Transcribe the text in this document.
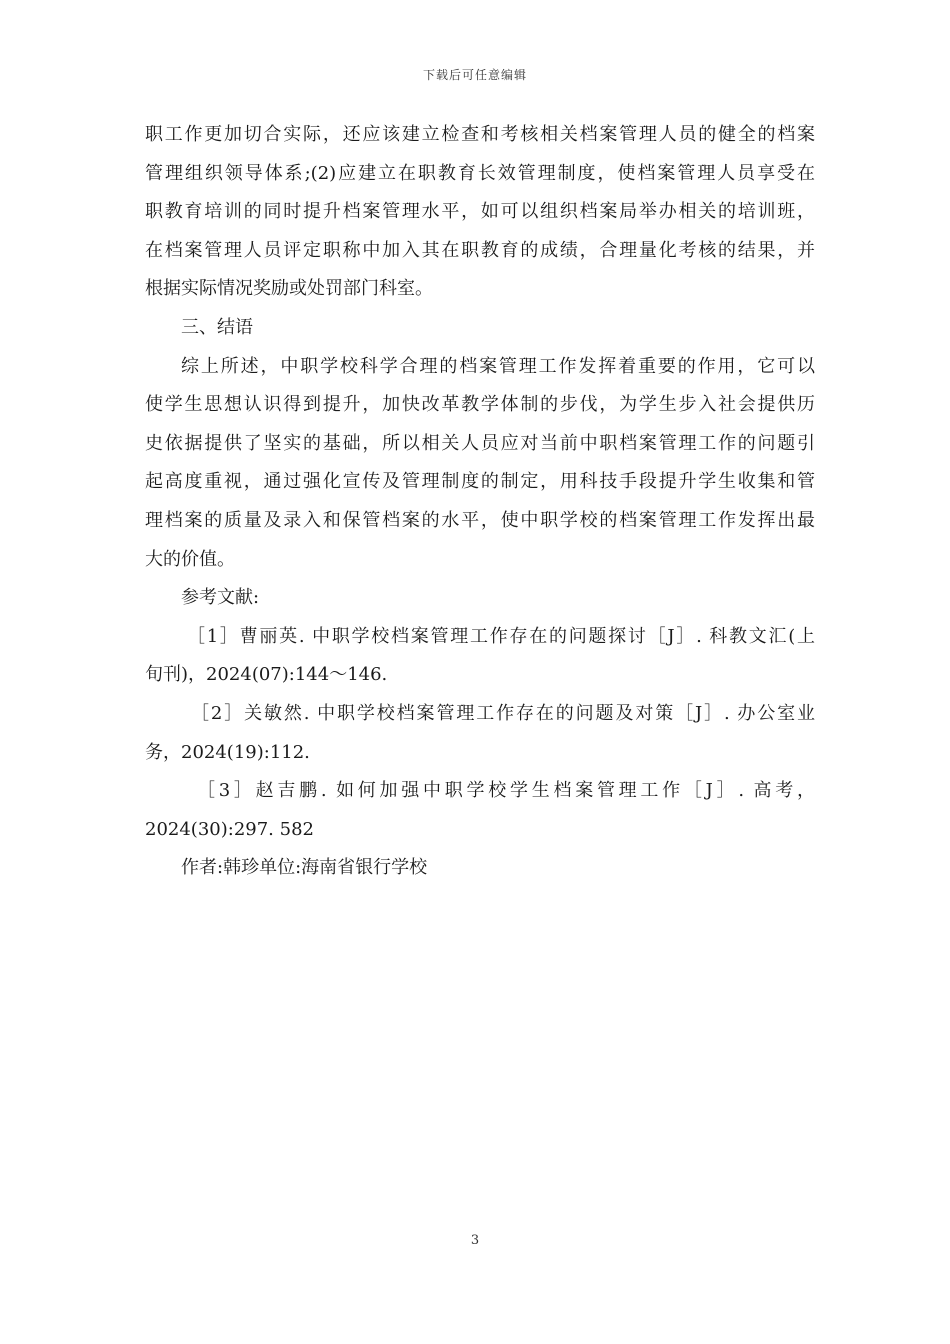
下载后可任意编辑
职工作更加切合实际，还应该建立检查和考核相关档案管理人员的健全的档案
管理组织领导体系;(2)应建立在职教育长效管理制度，使档案管理人员享受在
职教育培训的同时提升档案管理水平，如可以组织档案局举办相关的培训班，
在档案管理人员评定职称中加入其在职教育的成绩，合理量化考核的结果，并
根据实际情况奖励或处罚部门科室。
三、结语
综上所述，中职学校科学合理的档案管理工作发挥着重要的作用，它可以
使学生思想认识得到提升，加快改革教学体制的步伐，为学生步入社会提供历
史依据提供了坚实的基础，所以相关人员应对当前中职档案管理工作的问题引
起高度重视，通过强化宣传及管理制度的制定，用科技手段提升学生收集和管
理档案的质量及录入和保管档案的水平，使中职学校的档案管理工作发挥出最
大的价值。
参考文献:
［1］曹丽英. 中职学校档案管理工作存在的问题探讨［J］. 科教文汇(上
旬刊)，2024(07):144～146.
［2］关敏然. 中职学校档案管理工作存在的问题及对策［J］. 办公室业
务，2024(19):112.
［3］赵吉鹏. 如何加强中职学校学生档案管理工作［J］. 高考，
2024(30):297. 582
作者:韩珍单位:海南省银行学校
3
